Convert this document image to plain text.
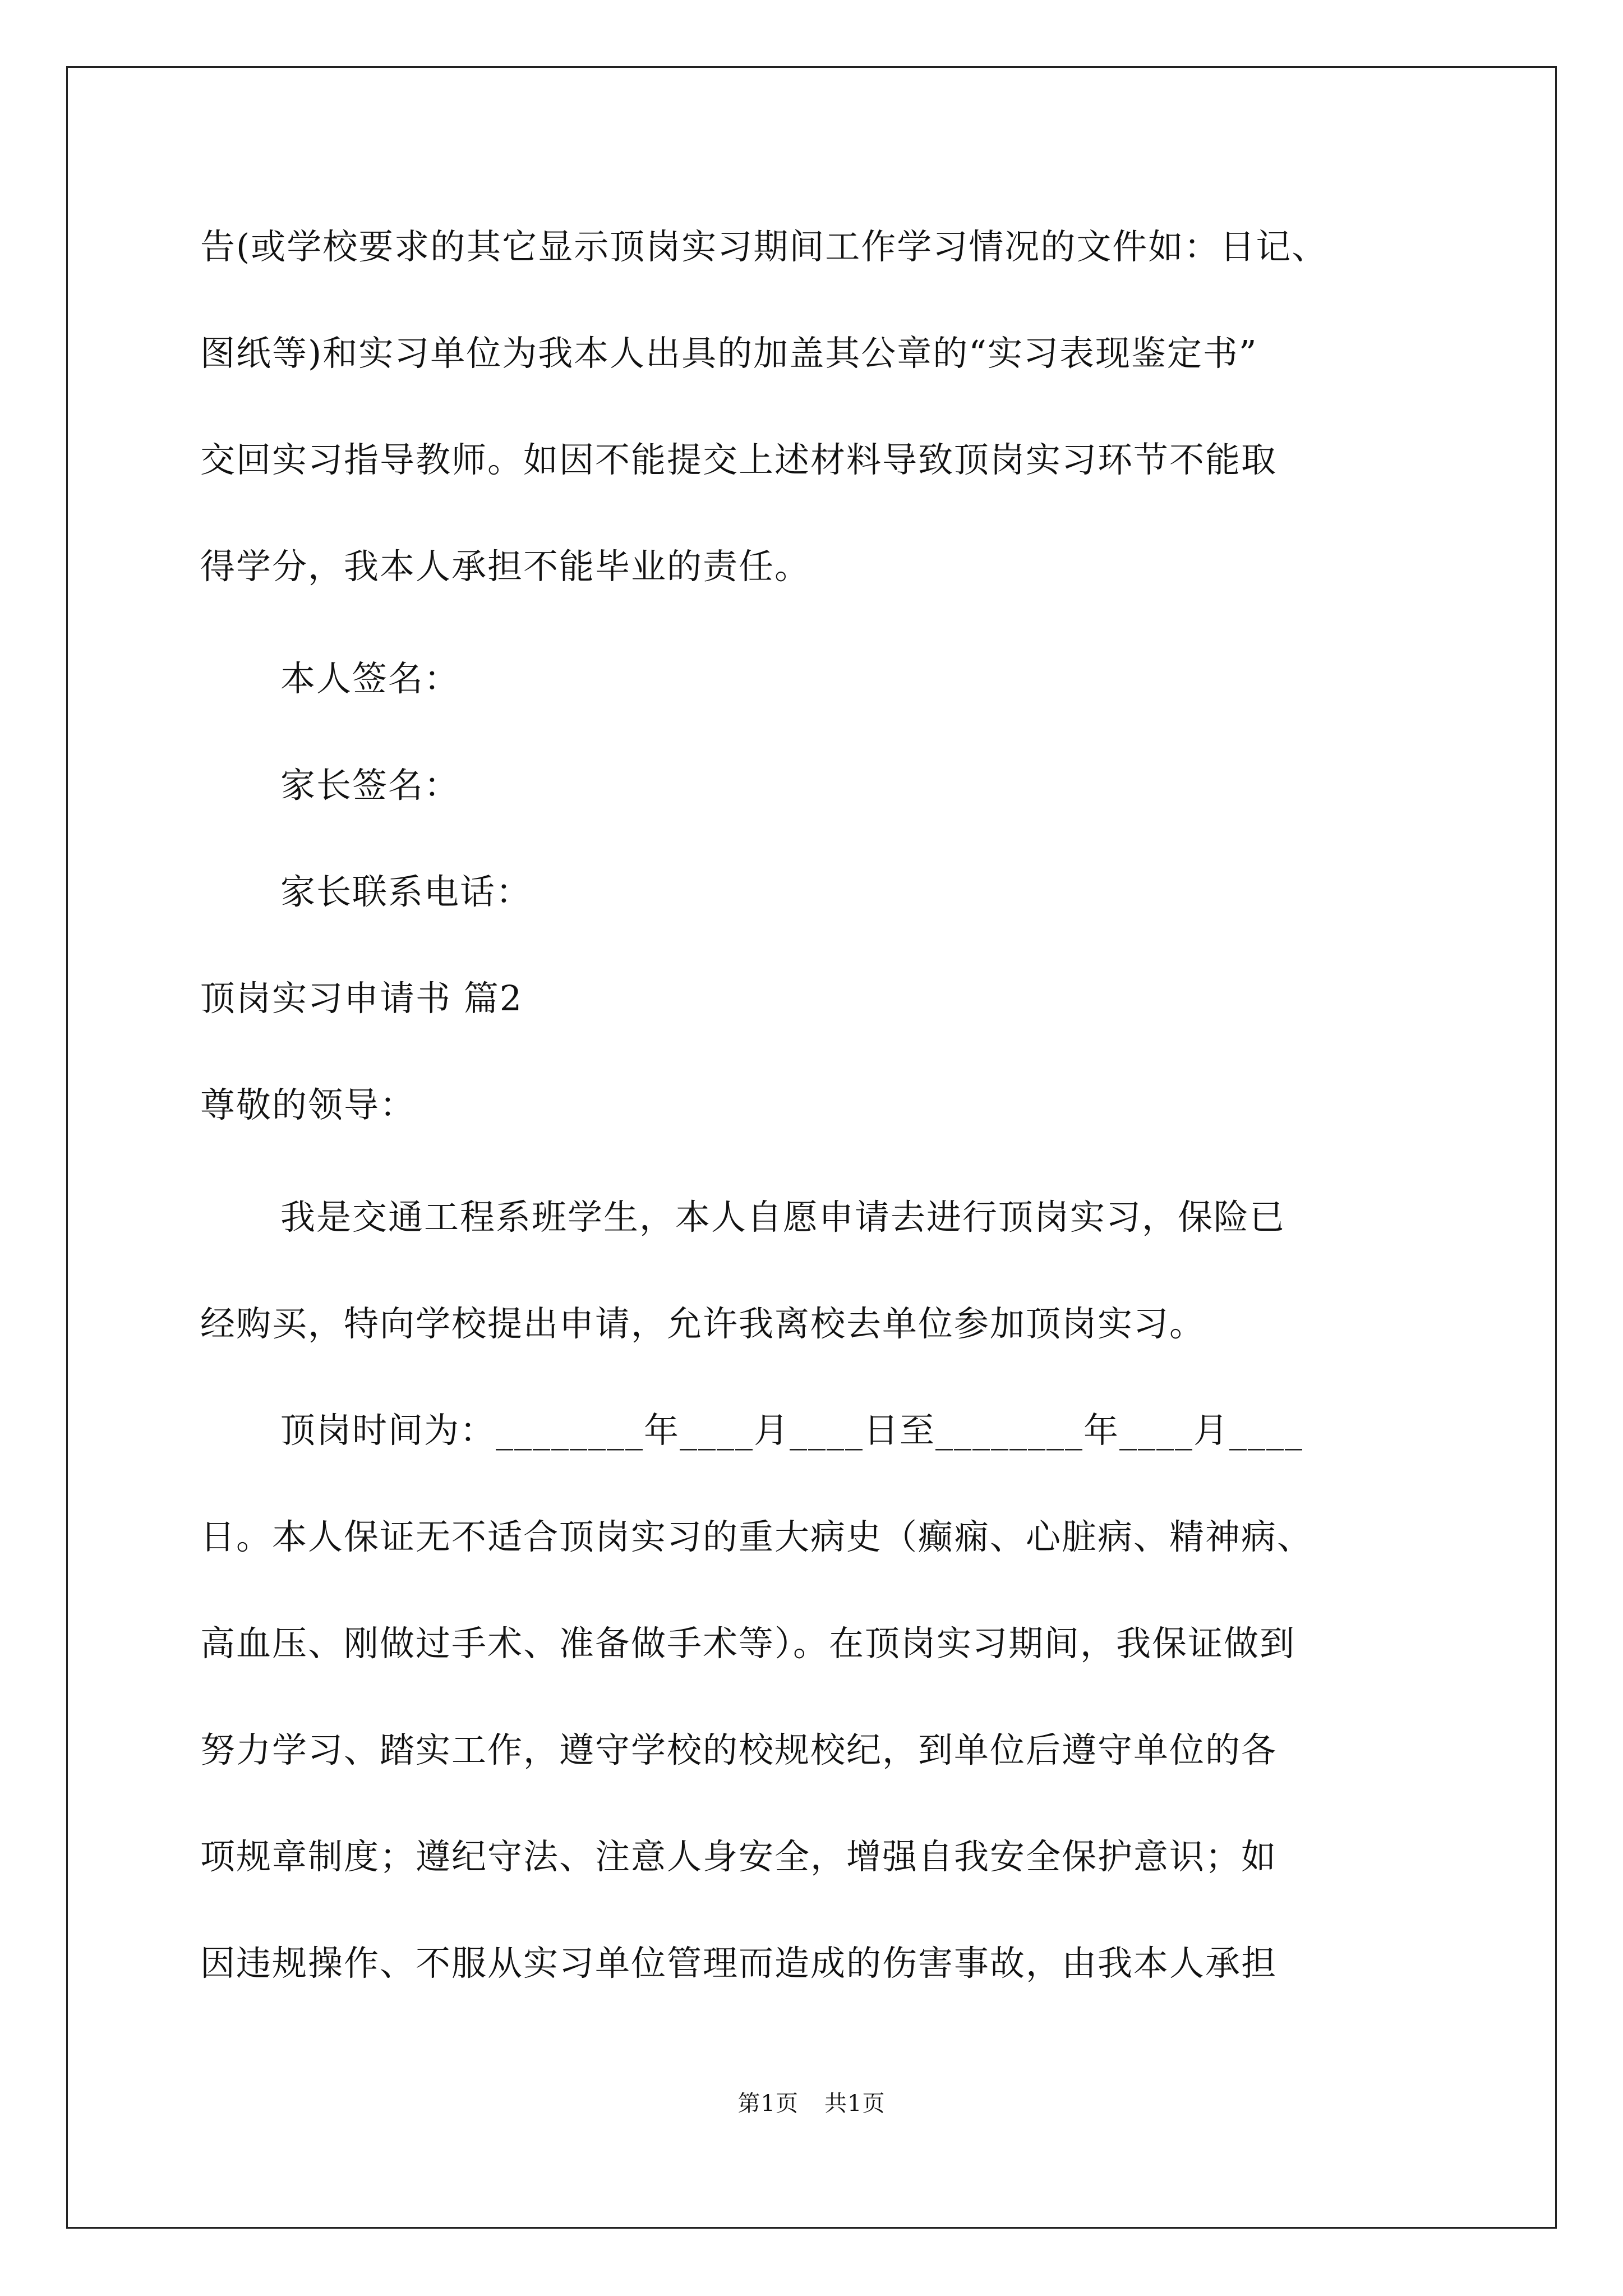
告(或学校要求的其它显示顶岗实习期间工作学习情况的文件如：日记、
图纸等)和实习单位为我本人出具的加盖其公章的“实习表现鉴定书”
交回实习指导教师。如因不能提交上述材料导致顶岗实习环节不能取
得学分，我本人承担不能毕业的责任。
本人签名：
家长签名：
家长联系电话：
顶岗实习申请书 篇2
尊敬的领导：
我是交通工程系班学生，本人自愿申请去进行顶岗实习，保险已
经购买，特向学校提出申请，允许我离校去单位参加顶岗实习。
顶岗时间为：________年____月____日至________年____月____
日。本人保证无不适合顶岗实习的重大病史（癫痫、心脏病、精神病、
高血压、刚做过手术、准备做手术等）。在顶岗实习期间，我保证做到
努力学习、踏实工作，遵守学校的校规校纪，到单位后遵守单位的各
项规章制度；遵纪守法、注意人身安全，增强自我安全保护意识；如
因违规操作、不服从实习单位管理而造成的伤害事故，由我本人承担
第1页 共1页
